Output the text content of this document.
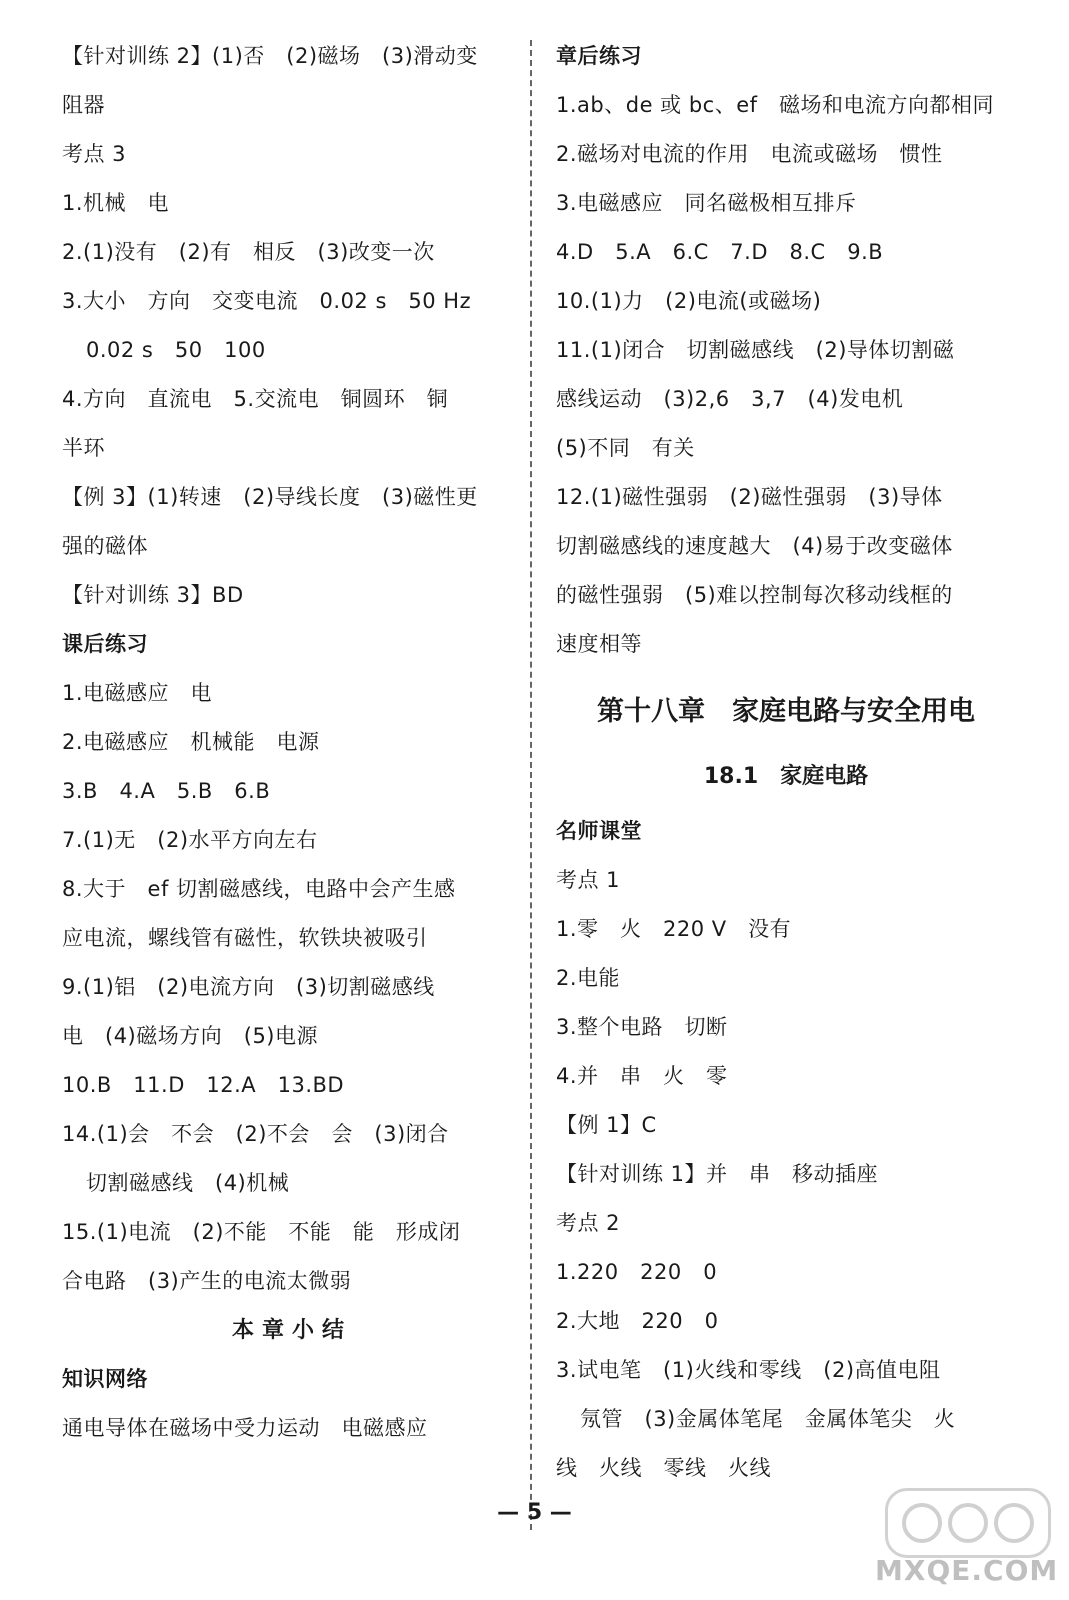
【针对训练 2】(1)否　(2)磁场　(3)滑动变
阻器
考点 3
1.机械　电
2.(1)没有　(2)有　相反　(3)改变一次
3.大小　方向　交变电流　0.02 s　50 Hz
0.02 s　50　100
4.方向　直流电　5.交流电　铜圆环　铜
半环
【例 3】(1)转速　(2)导线长度　(3)磁性更
强的磁体
【针对训练 3】BD
课后练习
1.电磁感应　电
2.电磁感应　机械能　电源
3.B　4.A　5.B　6.B
7.(1)无　(2)水平方向左右
8.大于　ef 切割磁感线，电路中会产生感
应电流，螺线管有磁性，软铁块被吸引
9.(1)铝　(2)电流方向　(3)切割磁感线
电　(4)磁场方向　(5)电源
10.B　11.D　12.A　13.BD
14.(1)会　不会　(2)不会　会　(3)闭合
切割磁感线　(4)机械
15.(1)电流　(2)不能　不能　能　形成闭
合电路　(3)产生的电流太微弱
本章小结
知识网络
通电导体在磁场中受力运动　电磁感应
章后练习
1.ab、de 或 bc、ef　磁场和电流方向都相同
2.磁场对电流的作用　电流或磁场　惯性
3.电磁感应　同名磁极相互排斥
4.D　5.A　6.C　7.D　8.C　9.B
10.(1)力　(2)电流(或磁场)
11.(1)闭合　切割磁感线　(2)导体切割磁
感线运动　(3)2,6　3,7　(4)发电机
(5)不同　有关
12.(1)磁性强弱　(2)磁性强弱　(3)导体
切割磁感线的速度越大　(4)易于改变磁体
的磁性强弱　(5)难以控制每次移动线框的
速度相等
第十八章　家庭电路与安全用电
18.1　家庭电路
名师课堂
考点 1
1.零　火　220 V　没有
2.电能
3.整个电路　切断
4.并　串　火　零
【例 1】C
【针对训练 1】并　串　移动插座
考点 2
1.220　220　0
2.大地　220　0
3.试电笔　(1)火线和零线　(2)高值电阻
氖管　(3)金属体笔尾　金属体笔尖　火
线　火线　零线　火线
— 5 —
MXQE.COM
